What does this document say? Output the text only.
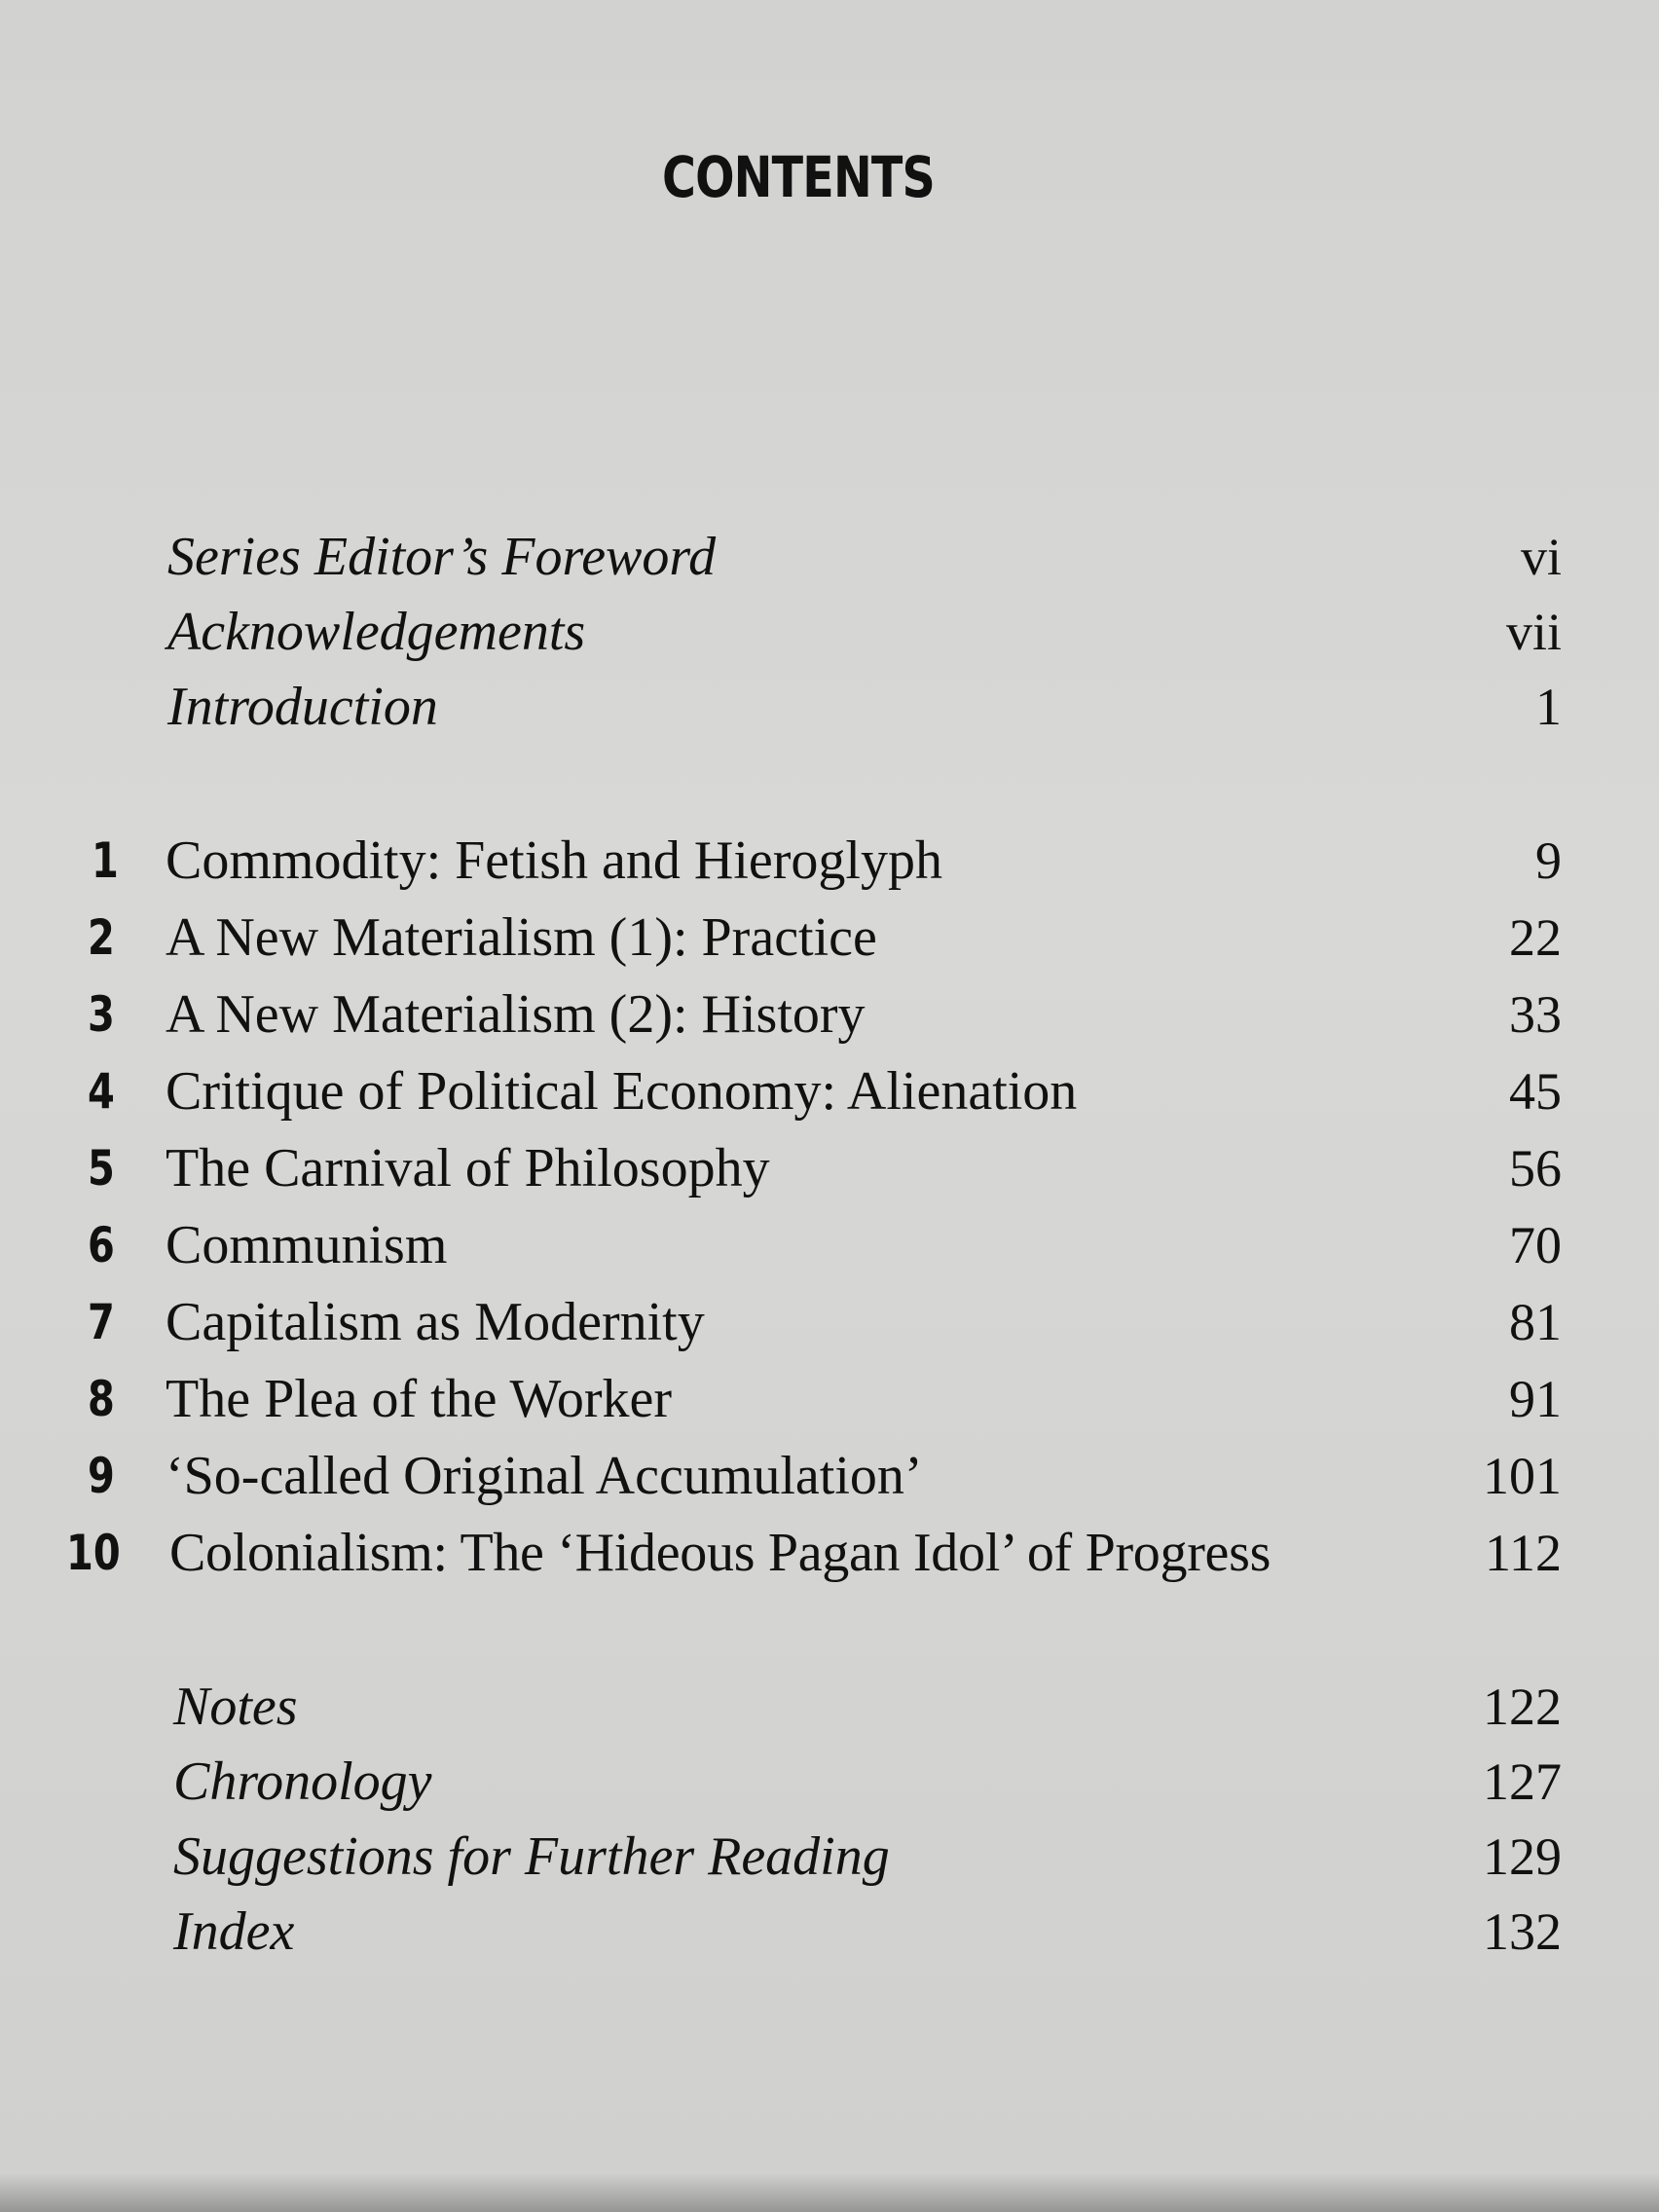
CONTENTS
Series Editor’s Foreword	vi
Acknowledgements	vii
Introduction	1
1 Commodity: Fetish and Hieroglyph	9
2 A New Materialism (1): Practice	22
3 A New Materialism (2): History	33
4 Critique of Political Economy: Alienation	45
5 The Carnival of Philosophy	56
6 Communism	70
7 Capitalism as Modernity	81
8 The Plea of the Worker	91
9 ‘So-called Original Accumulation’	101
10 Colonialism: The ‘Hideous Pagan Idol’ of Progress	112
Notes	122
Chronology	127
Suggestions for Further Reading	129
Index	132
